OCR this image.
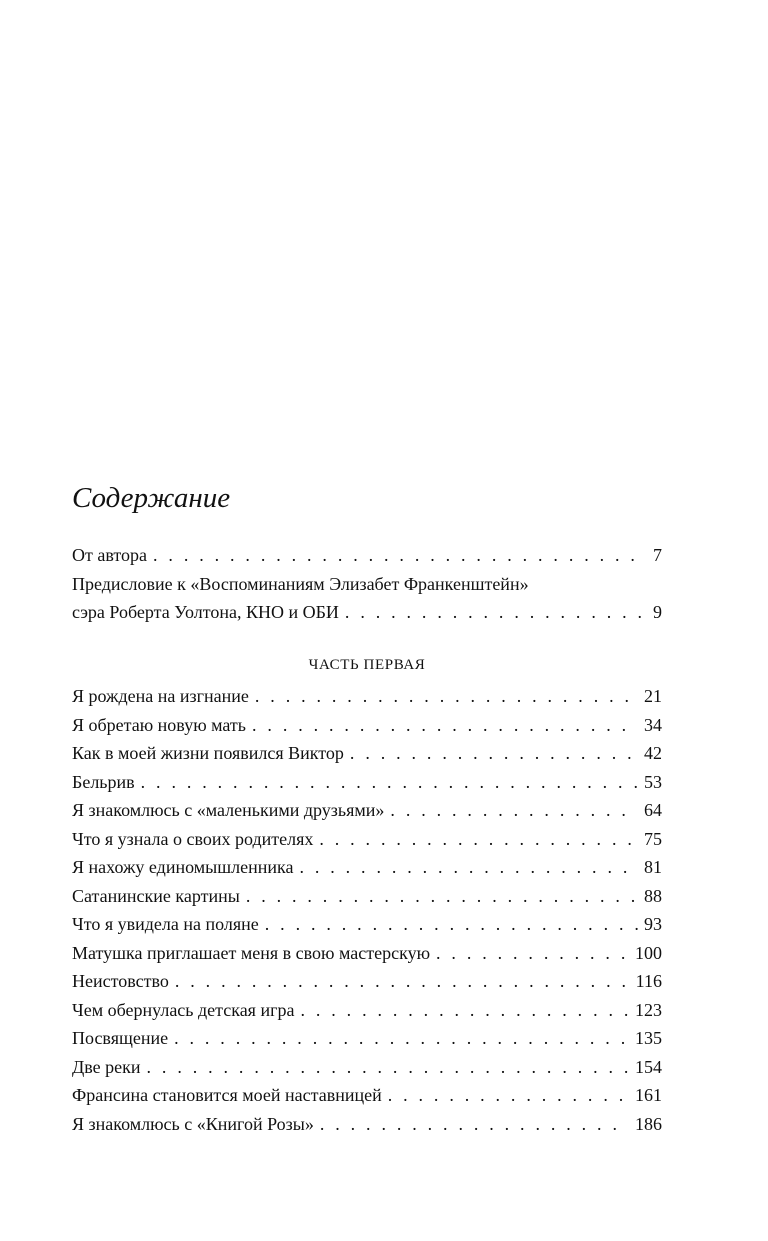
Содержание
От автора . . .	7
Предисловие к «Воспоминаниям Элизабет Франкенштейн»
сэра Роберта Уолтона, КНО и ОБИ . . .	9
ЧАСТЬ ПЕРВАЯ
Я рождена на изгнание . . .	21
Я обретаю новую мать . . .	34
Как в моей жизни появился Виктор . . .	42
Бельрив . . .	53
Я знакомлюсь с «маленькими друзьями» . . .	64
Что я узнала о своих родителях . . .	75
Я нахожу единомышленника . . .	81
Сатанинские картины . . .	88
Что я увидела на поляне . . .	93
Матушка приглашает меня в свою мастерскую . . .	100
Неистовство . . .	116
Чем обернулась детская игра . . .	123
Посвящение . . .	135
Две реки . . .	154
Франсина становится моей наставницей . . .	161
Я знакомлюсь с «Книгой Розы» . . .	186
